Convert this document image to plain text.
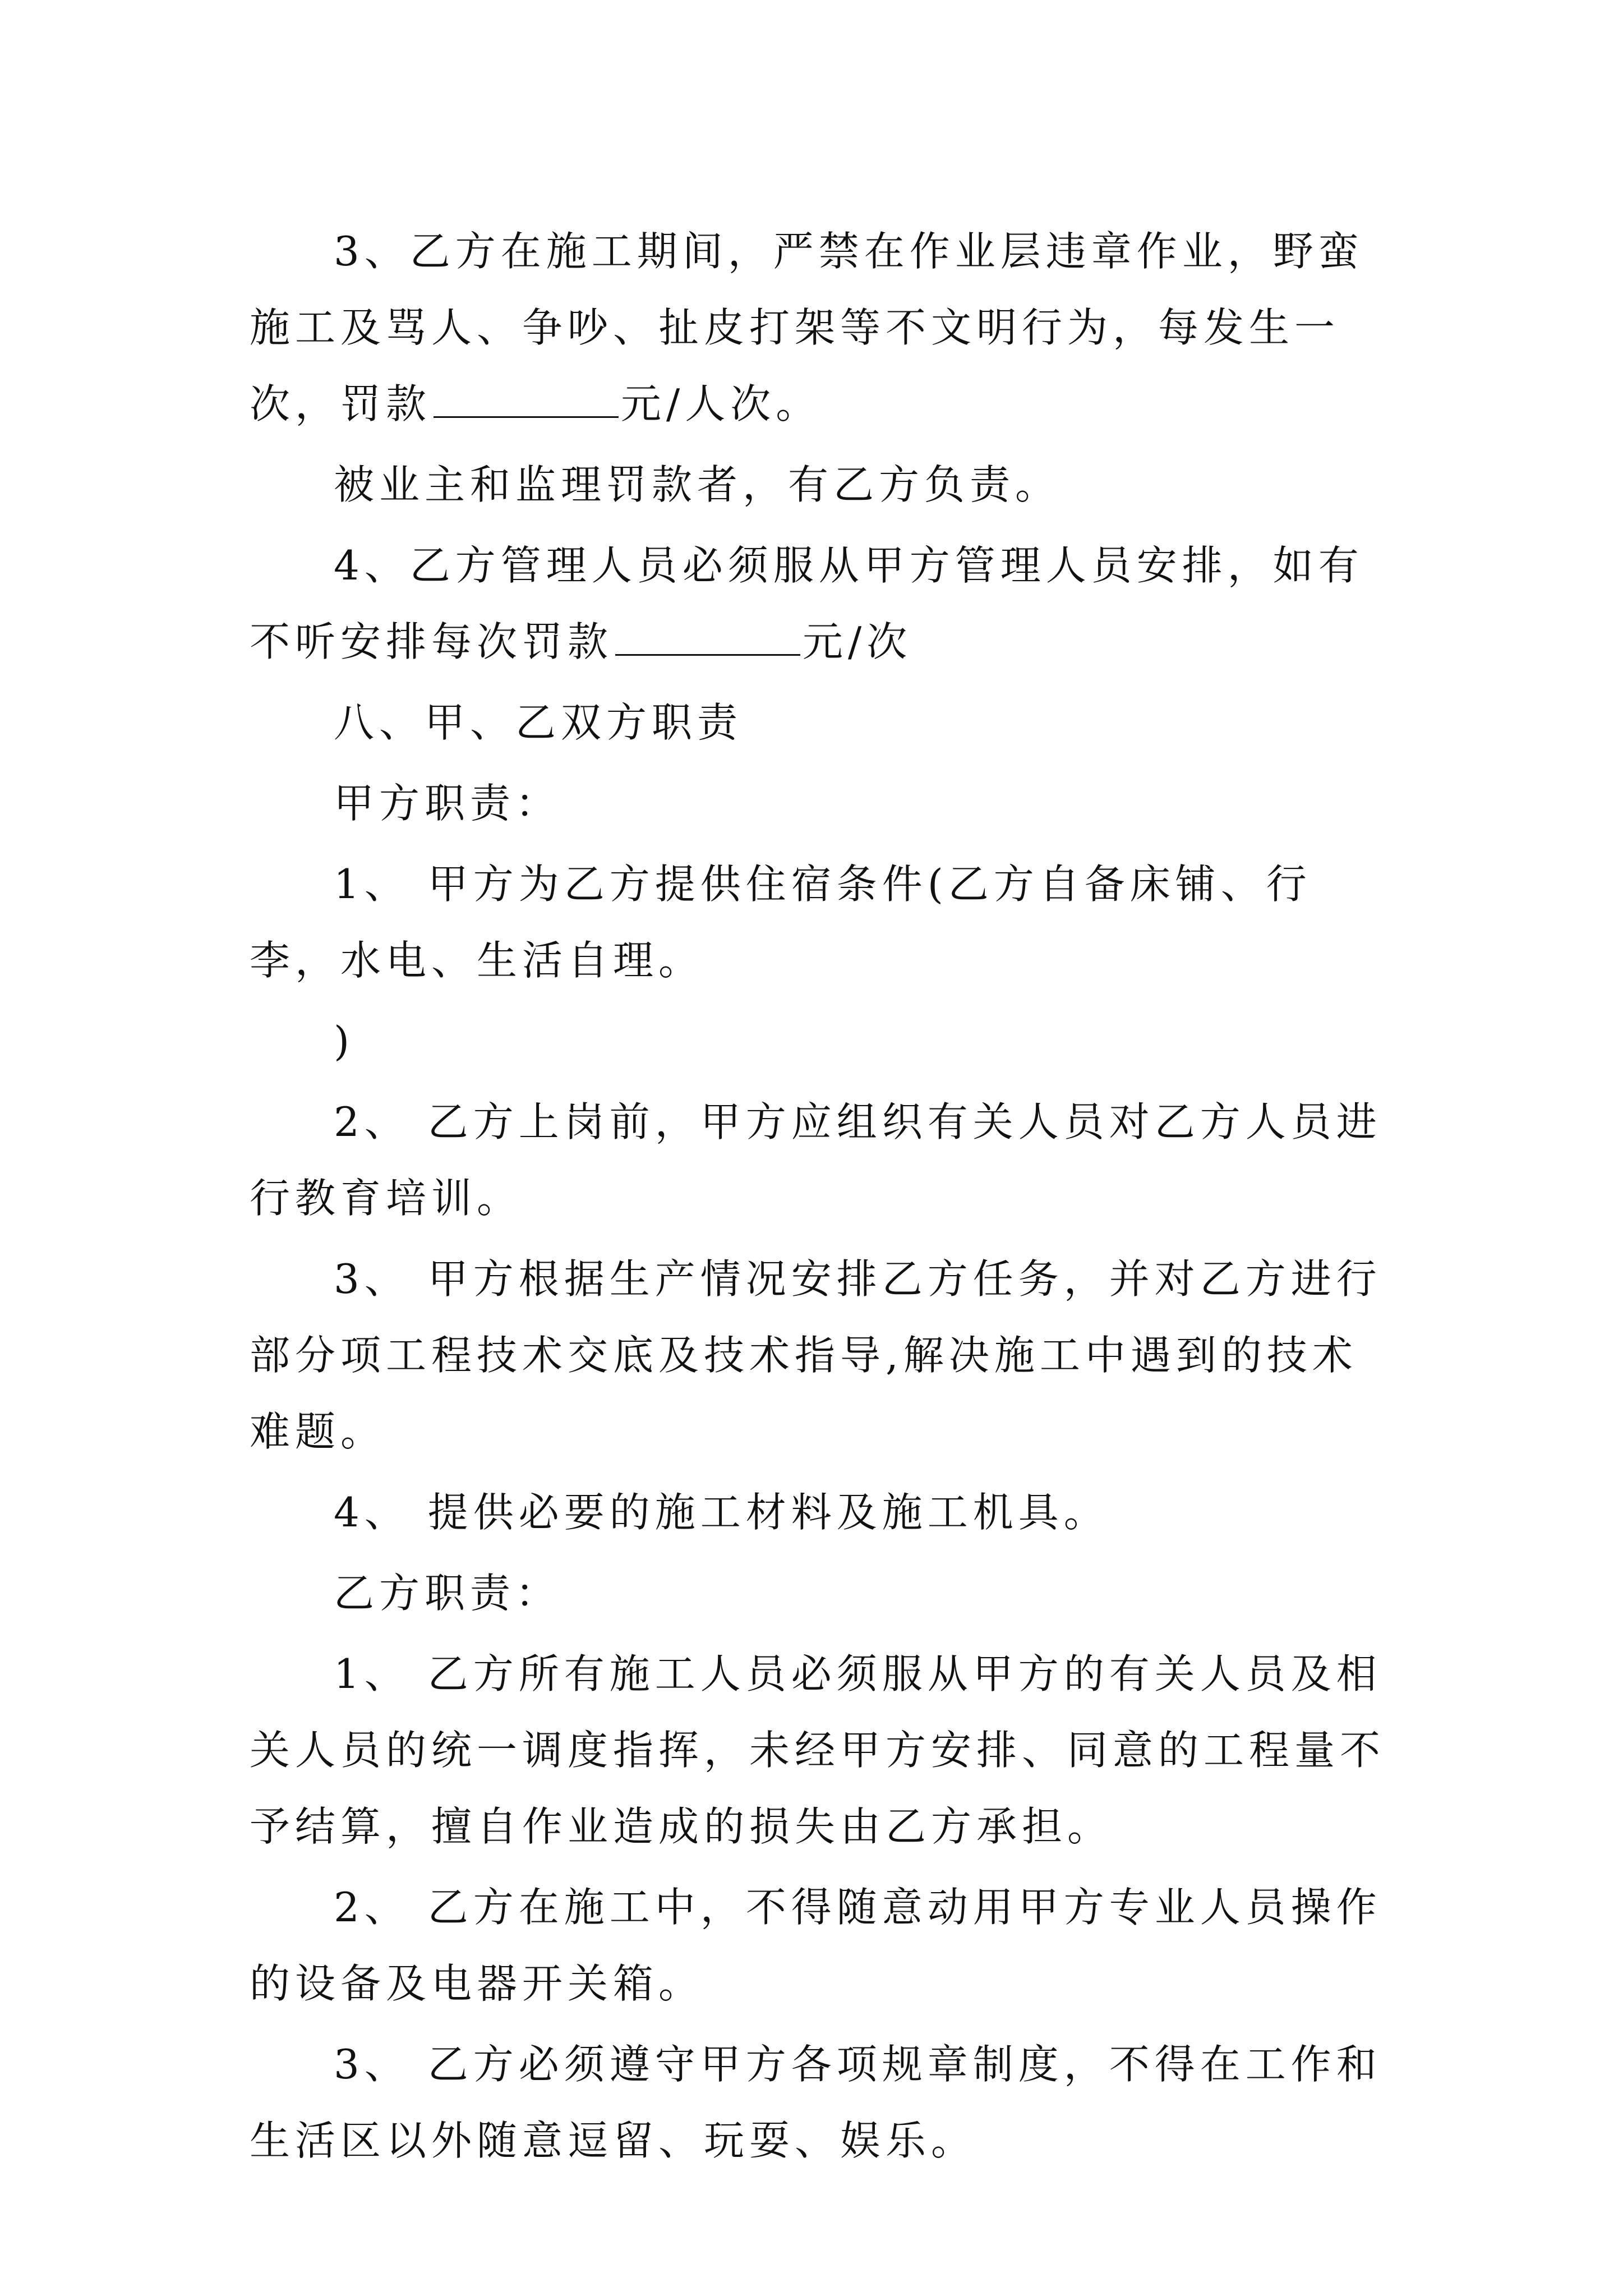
3、乙方在施工期间，严禁在作业层违章作业，野蛮施工及骂人、争吵、扯皮打架等不文明行为，每发生一次，罚款	元/人次。

被业主和监理罚款者，有乙方负责。

4、乙方管理人员必须服从甲方管理人员安排，如有不听安排每次罚款	元/次

八、甲、乙双方职责

甲方职责：

1、 甲方为乙方提供住宿条件(乙方自备床铺、行李，水电、生活自理。

)

2、 乙方上岗前，甲方应组织有关人员对乙方人员进行教育培训。

3、 甲方根据生产情况安排乙方任务，并对乙方进行部分项工程技术交底及技术指导,解决施工中遇到的技术难题。

4、 提供必要的施工材料及施工机具。

乙方职责：

1、 乙方所有施工人员必须服从甲方的有关人员及相关人员的统一调度指挥，未经甲方安排、同意的工程量不予结算，擅自作业造成的损失由乙方承担。

2、 乙方在施工中，不得随意动用甲方专业人员操作的设备及电器开关箱。

3、 乙方必须遵守甲方各项规章制度，不得在工作和生活区以外随意逗留、玩耍、娱乐。
